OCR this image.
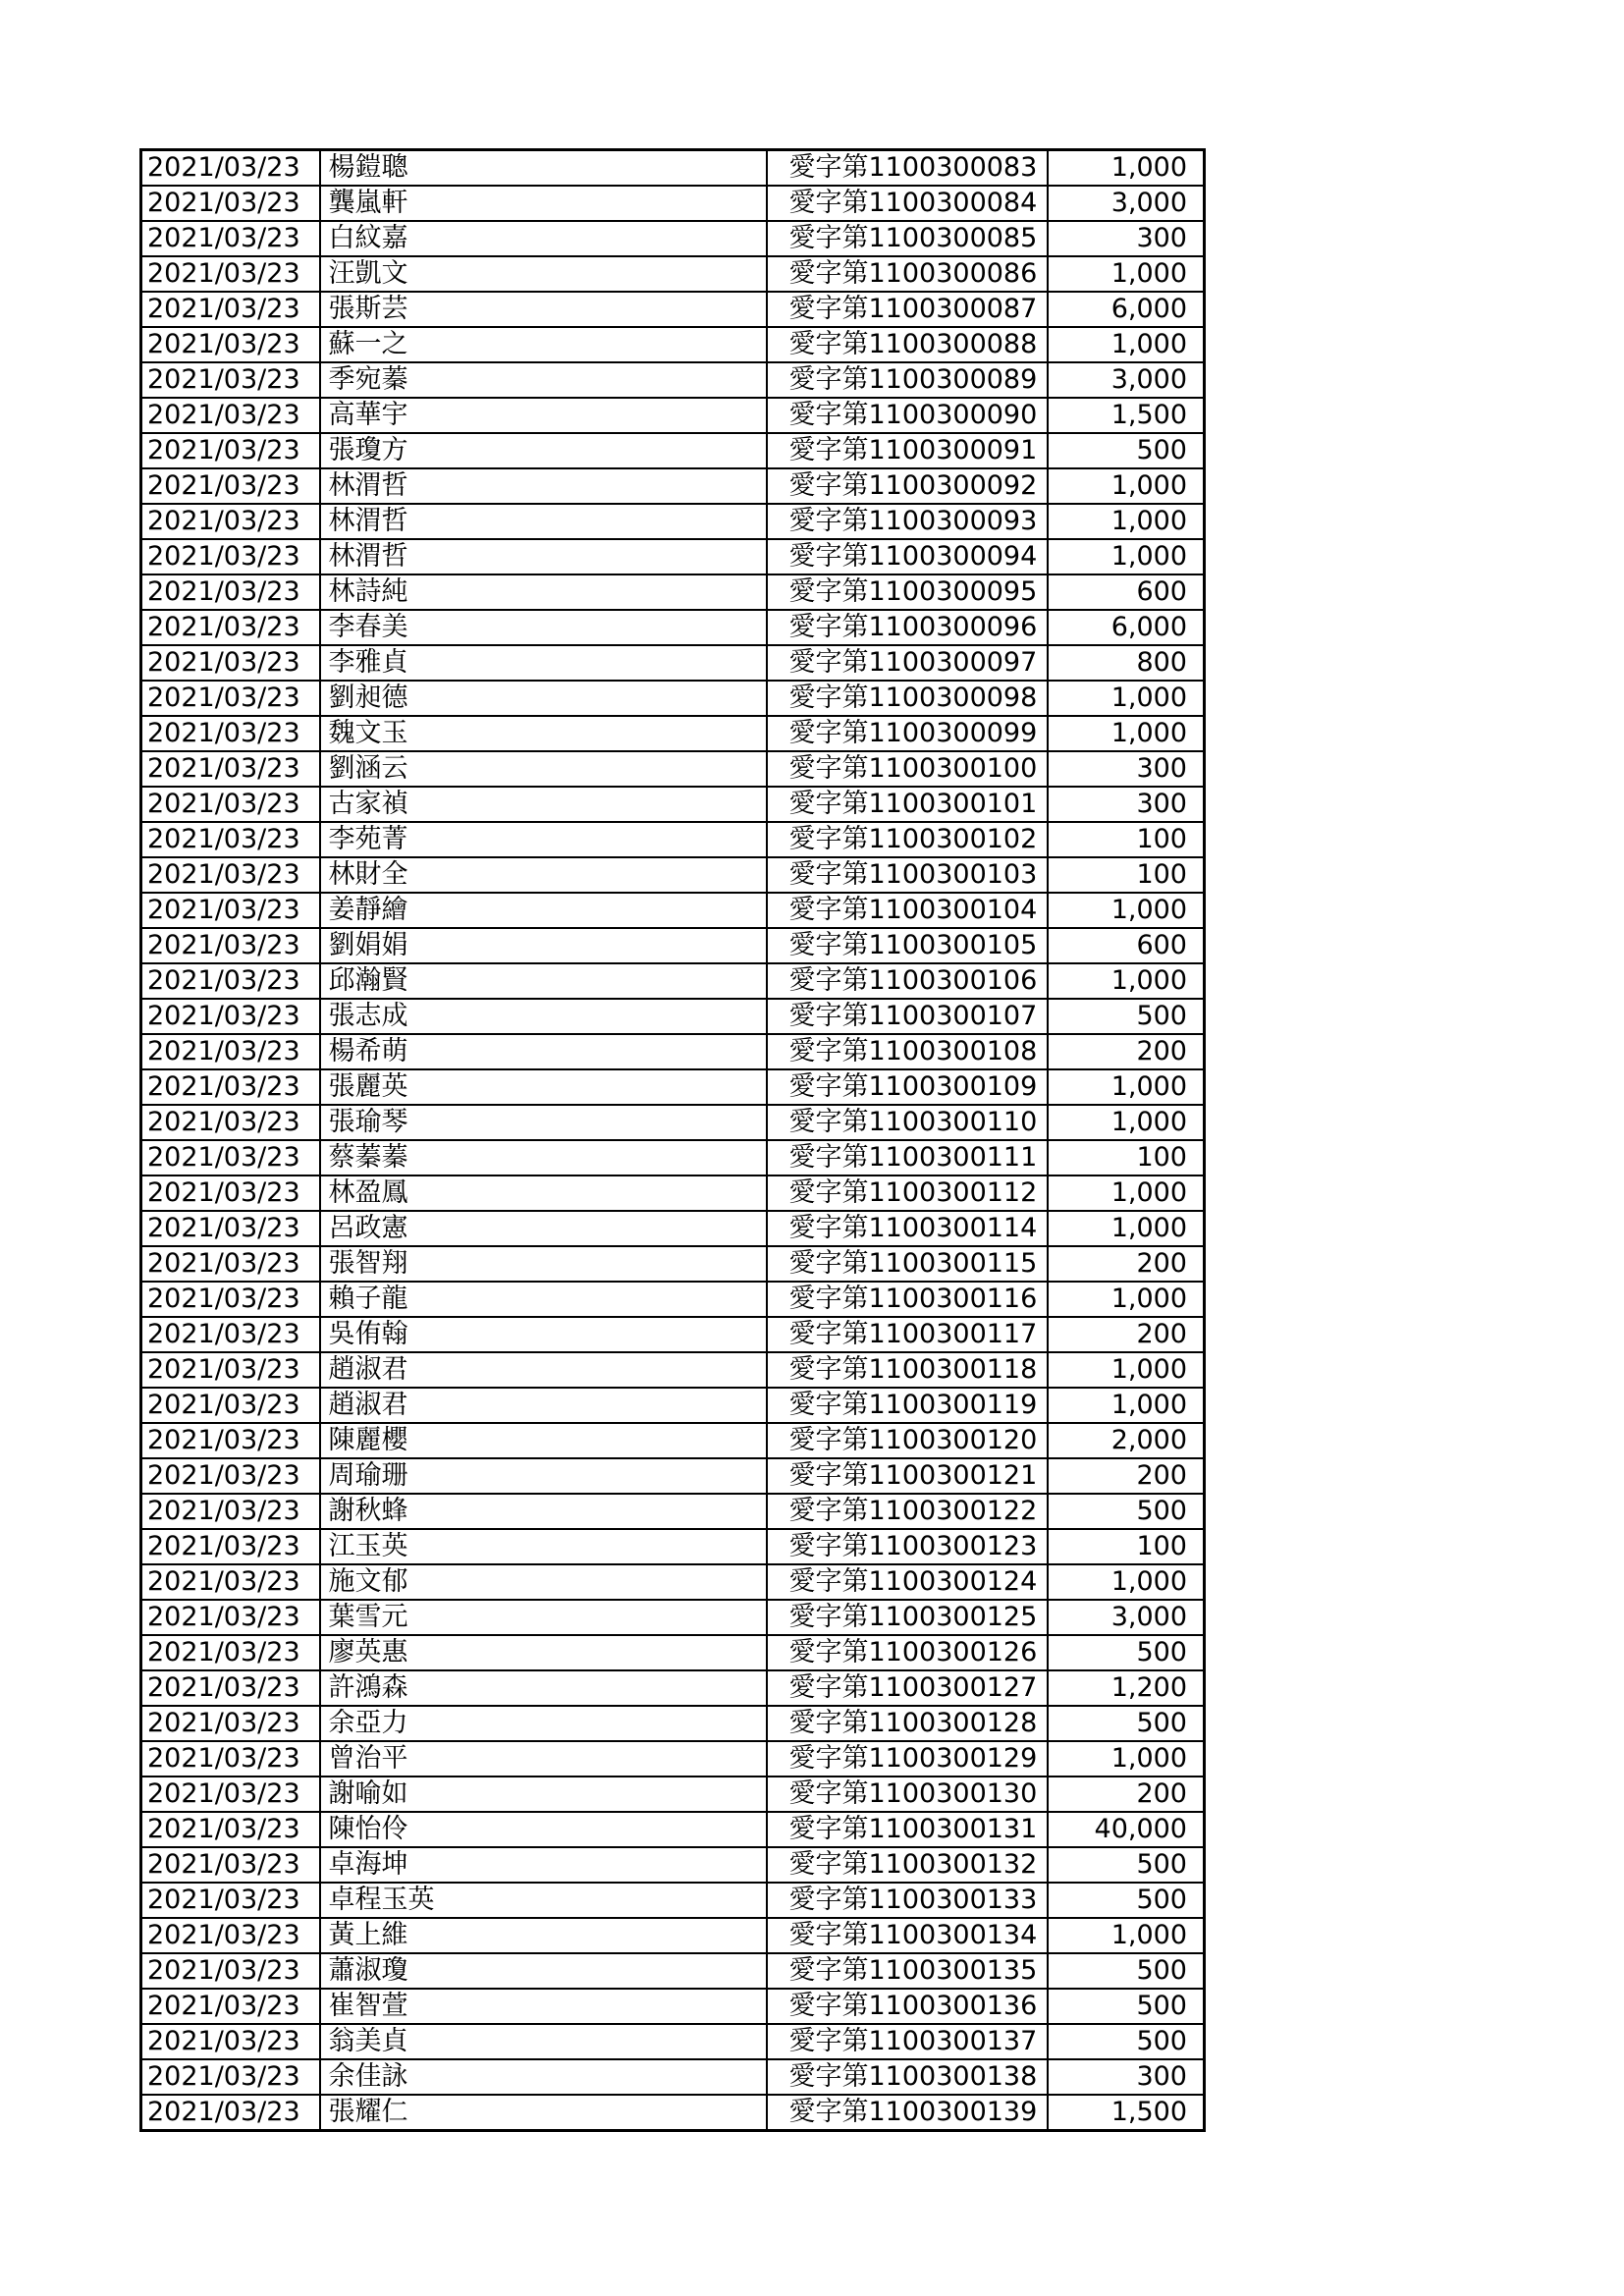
2021/03/23	楊鎧聰	愛字第1100300083	1,000
2021/03/23	龔嵐軒	愛字第1100300084	3,000
2021/03/23	白紋嘉	愛字第1100300085	300
2021/03/23	汪凱文	愛字第1100300086	1,000
2021/03/23	張斯芸	愛字第1100300087	6,000
2021/03/23	蘇一之	愛字第1100300088	1,000
2021/03/23	季宛蓁	愛字第1100300089	3,000
2021/03/23	高華宇	愛字第1100300090	1,500
2021/03/23	張瓊方	愛字第1100300091	500
2021/03/23	林渭哲	愛字第1100300092	1,000
2021/03/23	林渭哲	愛字第1100300093	1,000
2021/03/23	林渭哲	愛字第1100300094	1,000
2021/03/23	林詩純	愛字第1100300095	600
2021/03/23	李春美	愛字第1100300096	6,000
2021/03/23	李雅貞	愛字第1100300097	800
2021/03/23	劉昶德	愛字第1100300098	1,000
2021/03/23	魏文玉	愛字第1100300099	1,000
2021/03/23	劉涵云	愛字第1100300100	300
2021/03/23	古家禎	愛字第1100300101	300
2021/03/23	李苑菁	愛字第1100300102	100
2021/03/23	林財全	愛字第1100300103	100
2021/03/23	姜靜繪	愛字第1100300104	1,000
2021/03/23	劉娟娟	愛字第1100300105	600
2021/03/23	邱瀚賢	愛字第1100300106	1,000
2021/03/23	張志成	愛字第1100300107	500
2021/03/23	楊希萌	愛字第1100300108	200
2021/03/23	張麗英	愛字第1100300109	1,000
2021/03/23	張瑜琴	愛字第1100300110	1,000
2021/03/23	蔡蓁蓁	愛字第1100300111	100
2021/03/23	林盈鳳	愛字第1100300112	1,000
2021/03/23	呂政憲	愛字第1100300114	1,000
2021/03/23	張智翔	愛字第1100300115	200
2021/03/23	賴子龍	愛字第1100300116	1,000
2021/03/23	吳侑翰	愛字第1100300117	200
2021/03/23	趙淑君	愛字第1100300118	1,000
2021/03/23	趙淑君	愛字第1100300119	1,000
2021/03/23	陳麗櫻	愛字第1100300120	2,000
2021/03/23	周瑜珊	愛字第1100300121	200
2021/03/23	謝秋蜂	愛字第1100300122	500
2021/03/23	江玉英	愛字第1100300123	100
2021/03/23	施文郁	愛字第1100300124	1,000
2021/03/23	葉雪元	愛字第1100300125	3,000
2021/03/23	廖英惠	愛字第1100300126	500
2021/03/23	許鴻森	愛字第1100300127	1,200
2021/03/23	余亞力	愛字第1100300128	500
2021/03/23	曾治平	愛字第1100300129	1,000
2021/03/23	謝喻如	愛字第1100300130	200
2021/03/23	陳怡伶	愛字第1100300131	40,000
2021/03/23	卓海坤	愛字第1100300132	500
2021/03/23	卓程玉英	愛字第1100300133	500
2021/03/23	黃上維	愛字第1100300134	1,000
2021/03/23	蕭淑瓊	愛字第1100300135	500
2021/03/23	崔智萱	愛字第1100300136	500
2021/03/23	翁美貞	愛字第1100300137	500
2021/03/23	余佳詠	愛字第1100300138	300
2021/03/23	張耀仁	愛字第1100300139	1,500
